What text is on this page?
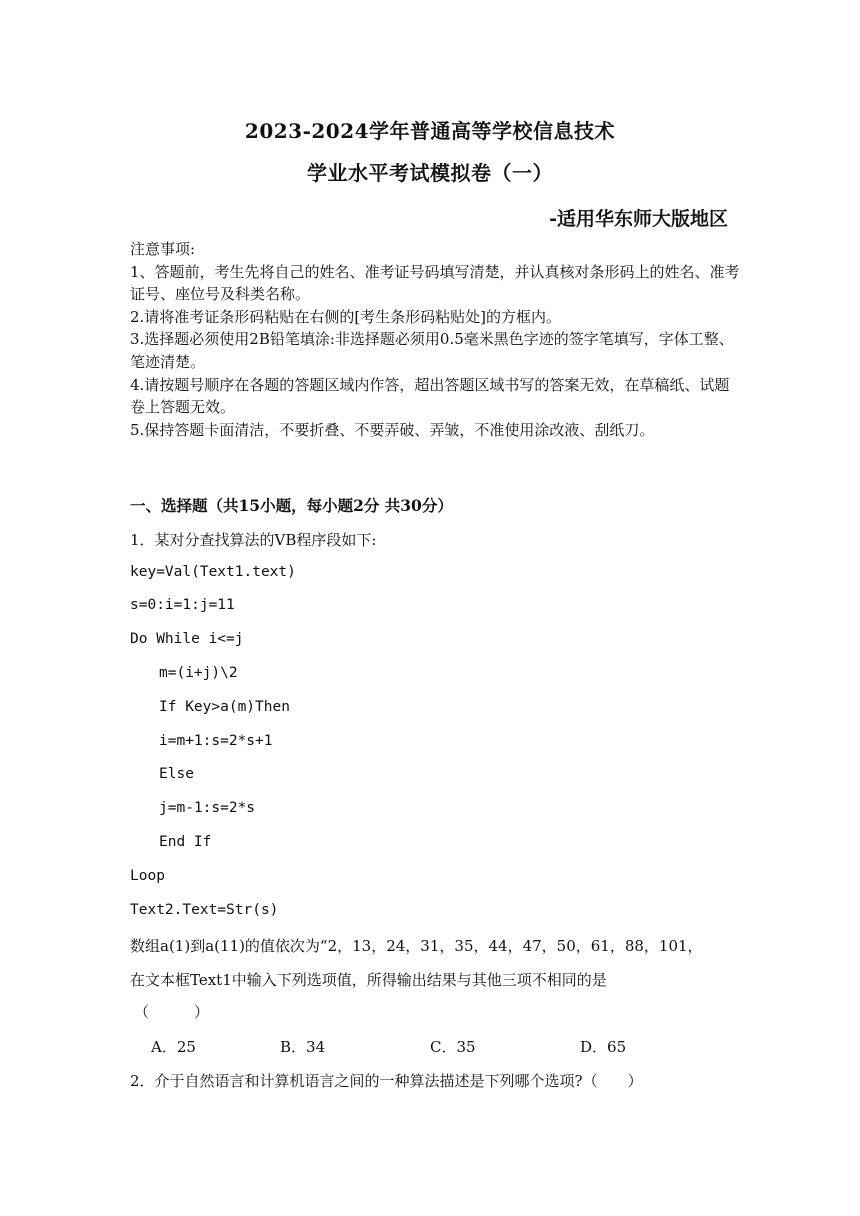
2023-2024学年普通高等学校信息技术
学业水平考试模拟卷（一）
-适用华东师大版地区
注意事项:
1、答题前，考生先将自己的姓名、准考证号码填写清楚，并认真核对条形码上的姓名、准考证号、座位号及科类名称。
2.请将准考证条形码粘贴在右侧的[考生条形码粘贴处]的方框内。
3.选择题必须使用2B铅笔填涂:非选择题必须用0.5毫米黑色字迹的签字笔填写，字体工整、笔迹清楚。
4.请按题号顺序在各题的答题区域内作答，超出答题区域书写的答案无效，在草稿纸、试题卷上答题无效。
5.保持答题卡面清洁，不要折叠、不要弄破、弄皱，不准使用涂改液、刮纸刀。
一、选择题（共15小题，每小题2分 共30分）
1．某对分查找算法的VB程序段如下:
key=Val(Text1.text)
s=0:i=1:j=11
Do While i<=j
m=(i+j)\2
If Key>a(m)Then
i=m+1:s=2*s+1
Else
j=m-1:s=2*s
End If
Loop
Text2.Text=Str(s)
数组a(1)到a(11)的值依次为“2，13，24，31，35，44，47，50，61，88，101，
在文本框Text1中输入下列选项值，所得输出结果与其他三项不相同的是
（　　　）
A．25	B．34	C．35	D．65
2．介于自然语言和计算机语言之间的一种算法描述是下列哪个选项?（　　）
